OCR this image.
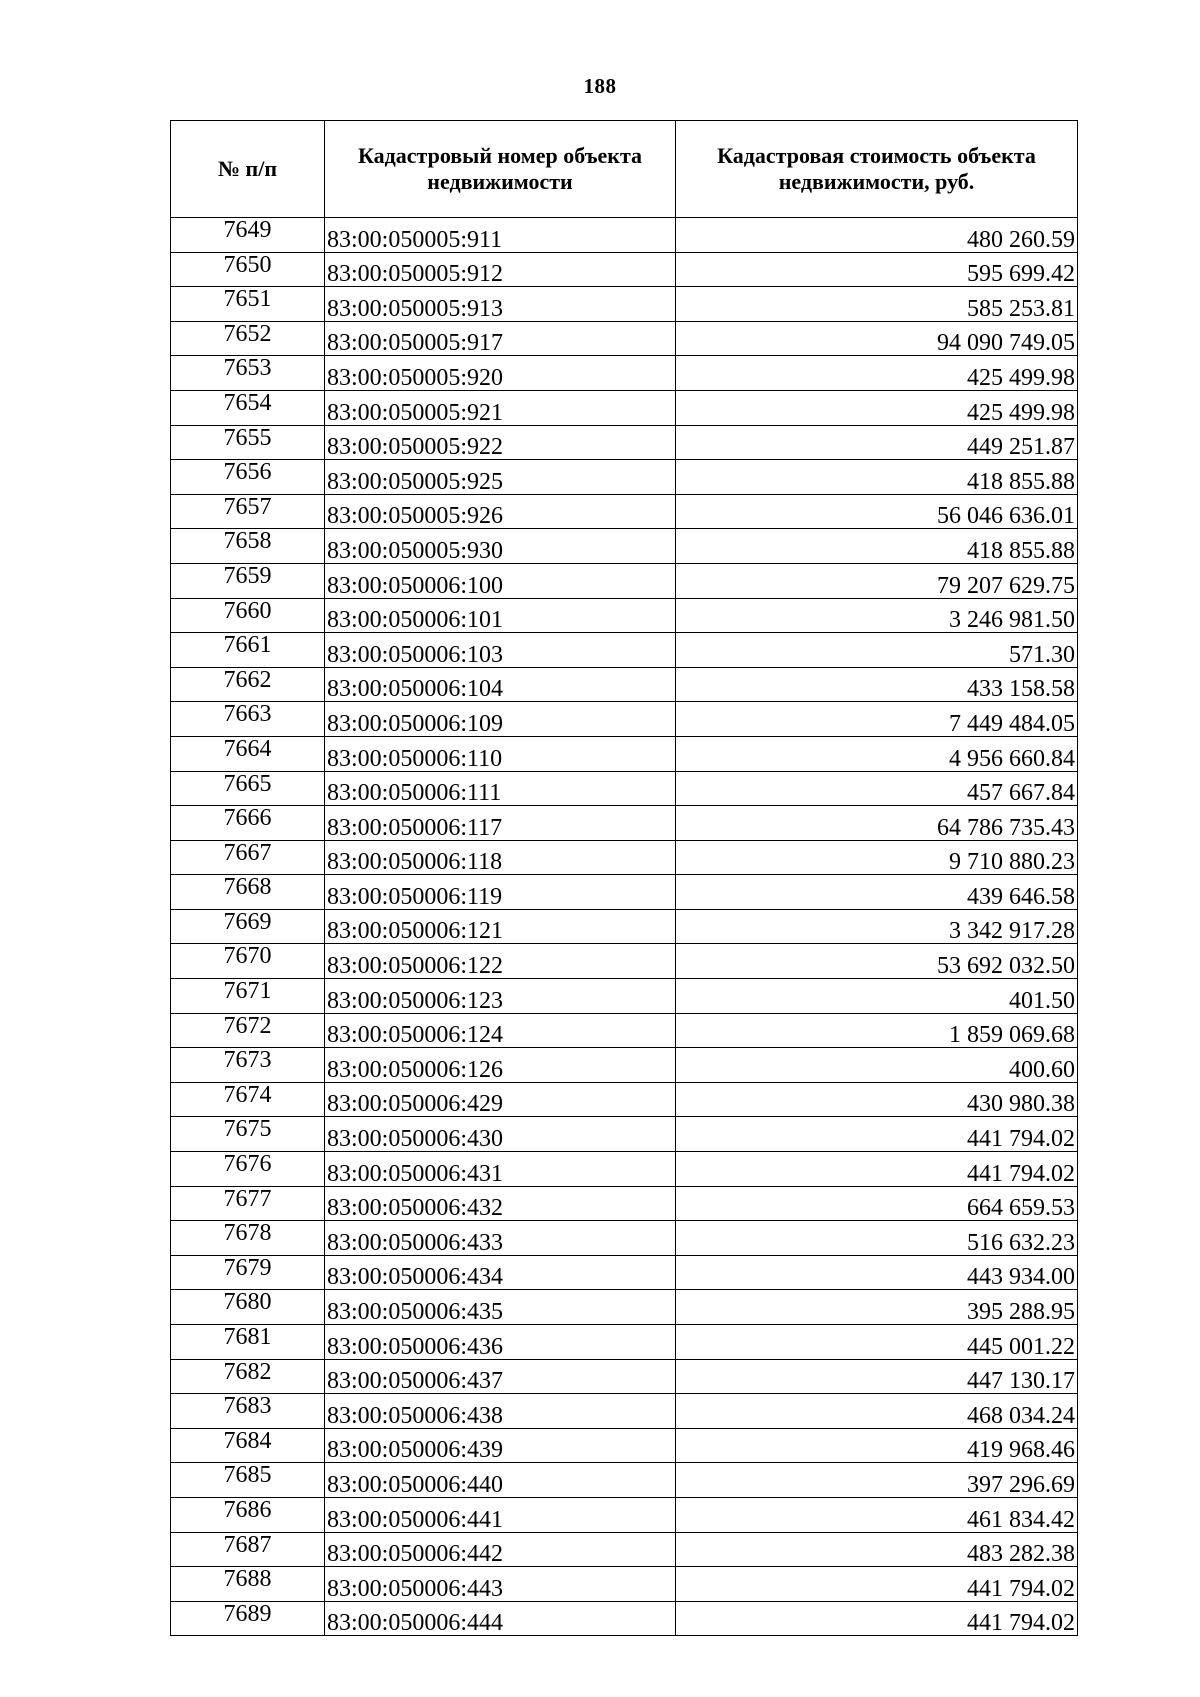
188
№ п/п	Кадастровый номер объекта недвижимости	Кадастровая стоимость объекта недвижимости, руб.
7649	83:00:050005:911	480 260.59
7650	83:00:050005:912	595 699.42
7651	83:00:050005:913	585 253.81
7652	83:00:050005:917	94 090 749.05
7653	83:00:050005:920	425 499.98
7654	83:00:050005:921	425 499.98
7655	83:00:050005:922	449 251.87
7656	83:00:050005:925	418 855.88
7657	83:00:050005:926	56 046 636.01
7658	83:00:050005:930	418 855.88
7659	83:00:050006:100	79 207 629.75
7660	83:00:050006:101	3 246 981.50
7661	83:00:050006:103	571.30
7662	83:00:050006:104	433 158.58
7663	83:00:050006:109	7 449 484.05
7664	83:00:050006:110	4 956 660.84
7665	83:00:050006:111	457 667.84
7666	83:00:050006:117	64 786 735.43
7667	83:00:050006:118	9 710 880.23
7668	83:00:050006:119	439 646.58
7669	83:00:050006:121	3 342 917.28
7670	83:00:050006:122	53 692 032.50
7671	83:00:050006:123	401.50
7672	83:00:050006:124	1 859 069.68
7673	83:00:050006:126	400.60
7674	83:00:050006:429	430 980.38
7675	83:00:050006:430	441 794.02
7676	83:00:050006:431	441 794.02
7677	83:00:050006:432	664 659.53
7678	83:00:050006:433	516 632.23
7679	83:00:050006:434	443 934.00
7680	83:00:050006:435	395 288.95
7681	83:00:050006:436	445 001.22
7682	83:00:050006:437	447 130.17
7683	83:00:050006:438	468 034.24
7684	83:00:050006:439	419 968.46
7685	83:00:050006:440	397 296.69
7686	83:00:050006:441	461 834.42
7687	83:00:050006:442	483 282.38
7688	83:00:050006:443	441 794.02
7689	83:00:050006:444	441 794.02
